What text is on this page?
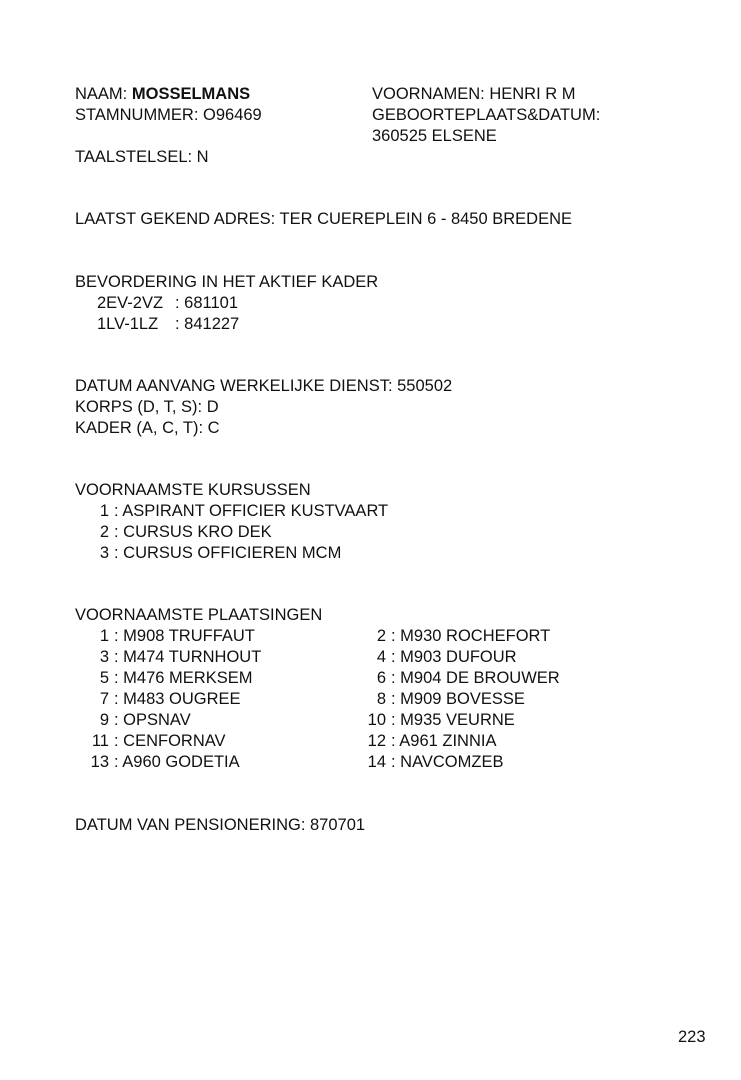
NAAM: MOSSELMANS
STAMNUMMER: O96469
TAALSTELSEL: N
VOORNAMEN: HENRI R M
GEBOORTEPLAATS&DATUM:
360525 ELSENE
LAATST GEKEND ADRES: TER CUEREPLEIN 6 - 8450 BREDENE
BEVORDERING IN HET AKTIEF KADER
2EV-2VZ : 681101
1LV-1LZ : 841227
DATUM AANVANG WERKELIJKE DIENST: 550502
KORPS (D, T, S): D
KADER (A, C, T): C
VOORNAAMSTE KURSUSSEN
1 : ASPIRANT OFFICIER KUSTVAART
2 : CURSUS KRO DEK
3 : CURSUS OFFICIEREN MCM
VOORNAAMSTE PLAATSINGEN
1 : M908 TRUFFAUT
3 : M474 TURNHOUT
5 : M476 MERKSEM
7 : M483 OUGREE
9 : OPSNAV
11 : CENFORNAV
13 : A960 GODETIA
2 : M930 ROCHEFORT
4 : M903 DUFOUR
6 : M904 DE BROUWER
8 : M909 BOVESSE
10 : M935 VEURNE
12 : A961 ZINNIA
14 : NAVCOMZEB
DATUM VAN PENSIONERING: 870701
223
